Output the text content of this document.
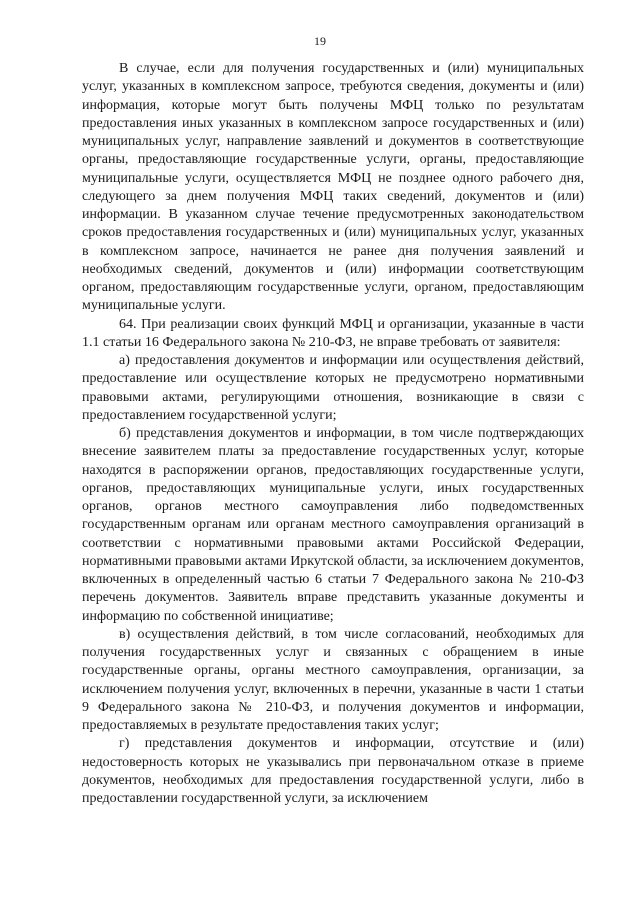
19

В случае, если для получения государственных и (или) муниципальных услуг, указанных в комплексном запросе, требуются сведения, документы и (или) информация, которые могут быть получены МФЦ только по результатам предоставления иных указанных в комплексном запросе государственных и (или) муниципальных услуг, направление заявлений и документов в соответствующие органы, предоставляющие государственные услуги, органы, предоставляющие муниципальные услуги, осуществляется МФЦ не позднее одного рабочего дня, следующего за днем получения МФЦ таких сведений, документов и (или) информации. В указанном случае течение предусмотренных законодательством сроков предоставления государственных и (или) муниципальных услуг, указанных в комплексном запросе, начинается не ранее дня получения заявлений и необходимых сведений, документов и (или) информации соответствующим органом, предоставляющим государственные услуги, органом, предоставляющим муниципальные услуги.

64. При реализации своих функций МФЦ и организации, указанные в части 1.1 статьи 16 Федерального закона № 210-ФЗ, не вправе требовать от заявителя:

а) предоставления документов и информации или осуществления действий, предоставление или осуществление которых не предусмотрено нормативными правовыми актами, регулирующими отношения, возникающие в связи с предоставлением государственной услуги;

б) представления документов и информации, в том числе подтверждающих внесение заявителем платы за предоставление государственных услуг, которые находятся в распоряжении органов, предоставляющих государственные услуги, органов, предоставляющих муниципальные услуги, иных государственных органов, органов местного самоуправления либо подведомственных государственным органам или органам местного самоуправления организаций в соответствии с нормативными правовыми актами Российской Федерации, нормативными правовыми актами Иркутской области, за исключением документов, включенных в определенный частью 6 статьи 7 Федерального закона № 210-ФЗ перечень документов. Заявитель вправе представить указанные документы и информацию по собственной инициативе;

в) осуществления действий, в том числе согласований, необходимых для получения государственных услуг и связанных с обращением в иные государственные органы, органы местного самоуправления, организации, за исключением получения услуг, включенных в перечни, указанные в части 1 статьи 9 Федерального закона № 210-ФЗ, и получения документов и информации, предоставляемых в результате предоставления таких услуг;

г) представления документов и информации, отсутствие и (или) недостоверность которых не указывались при первоначальном отказе в приеме документов, необходимых для предоставления государственной услуги, либо в предоставлении государственной услуги, за исключением
